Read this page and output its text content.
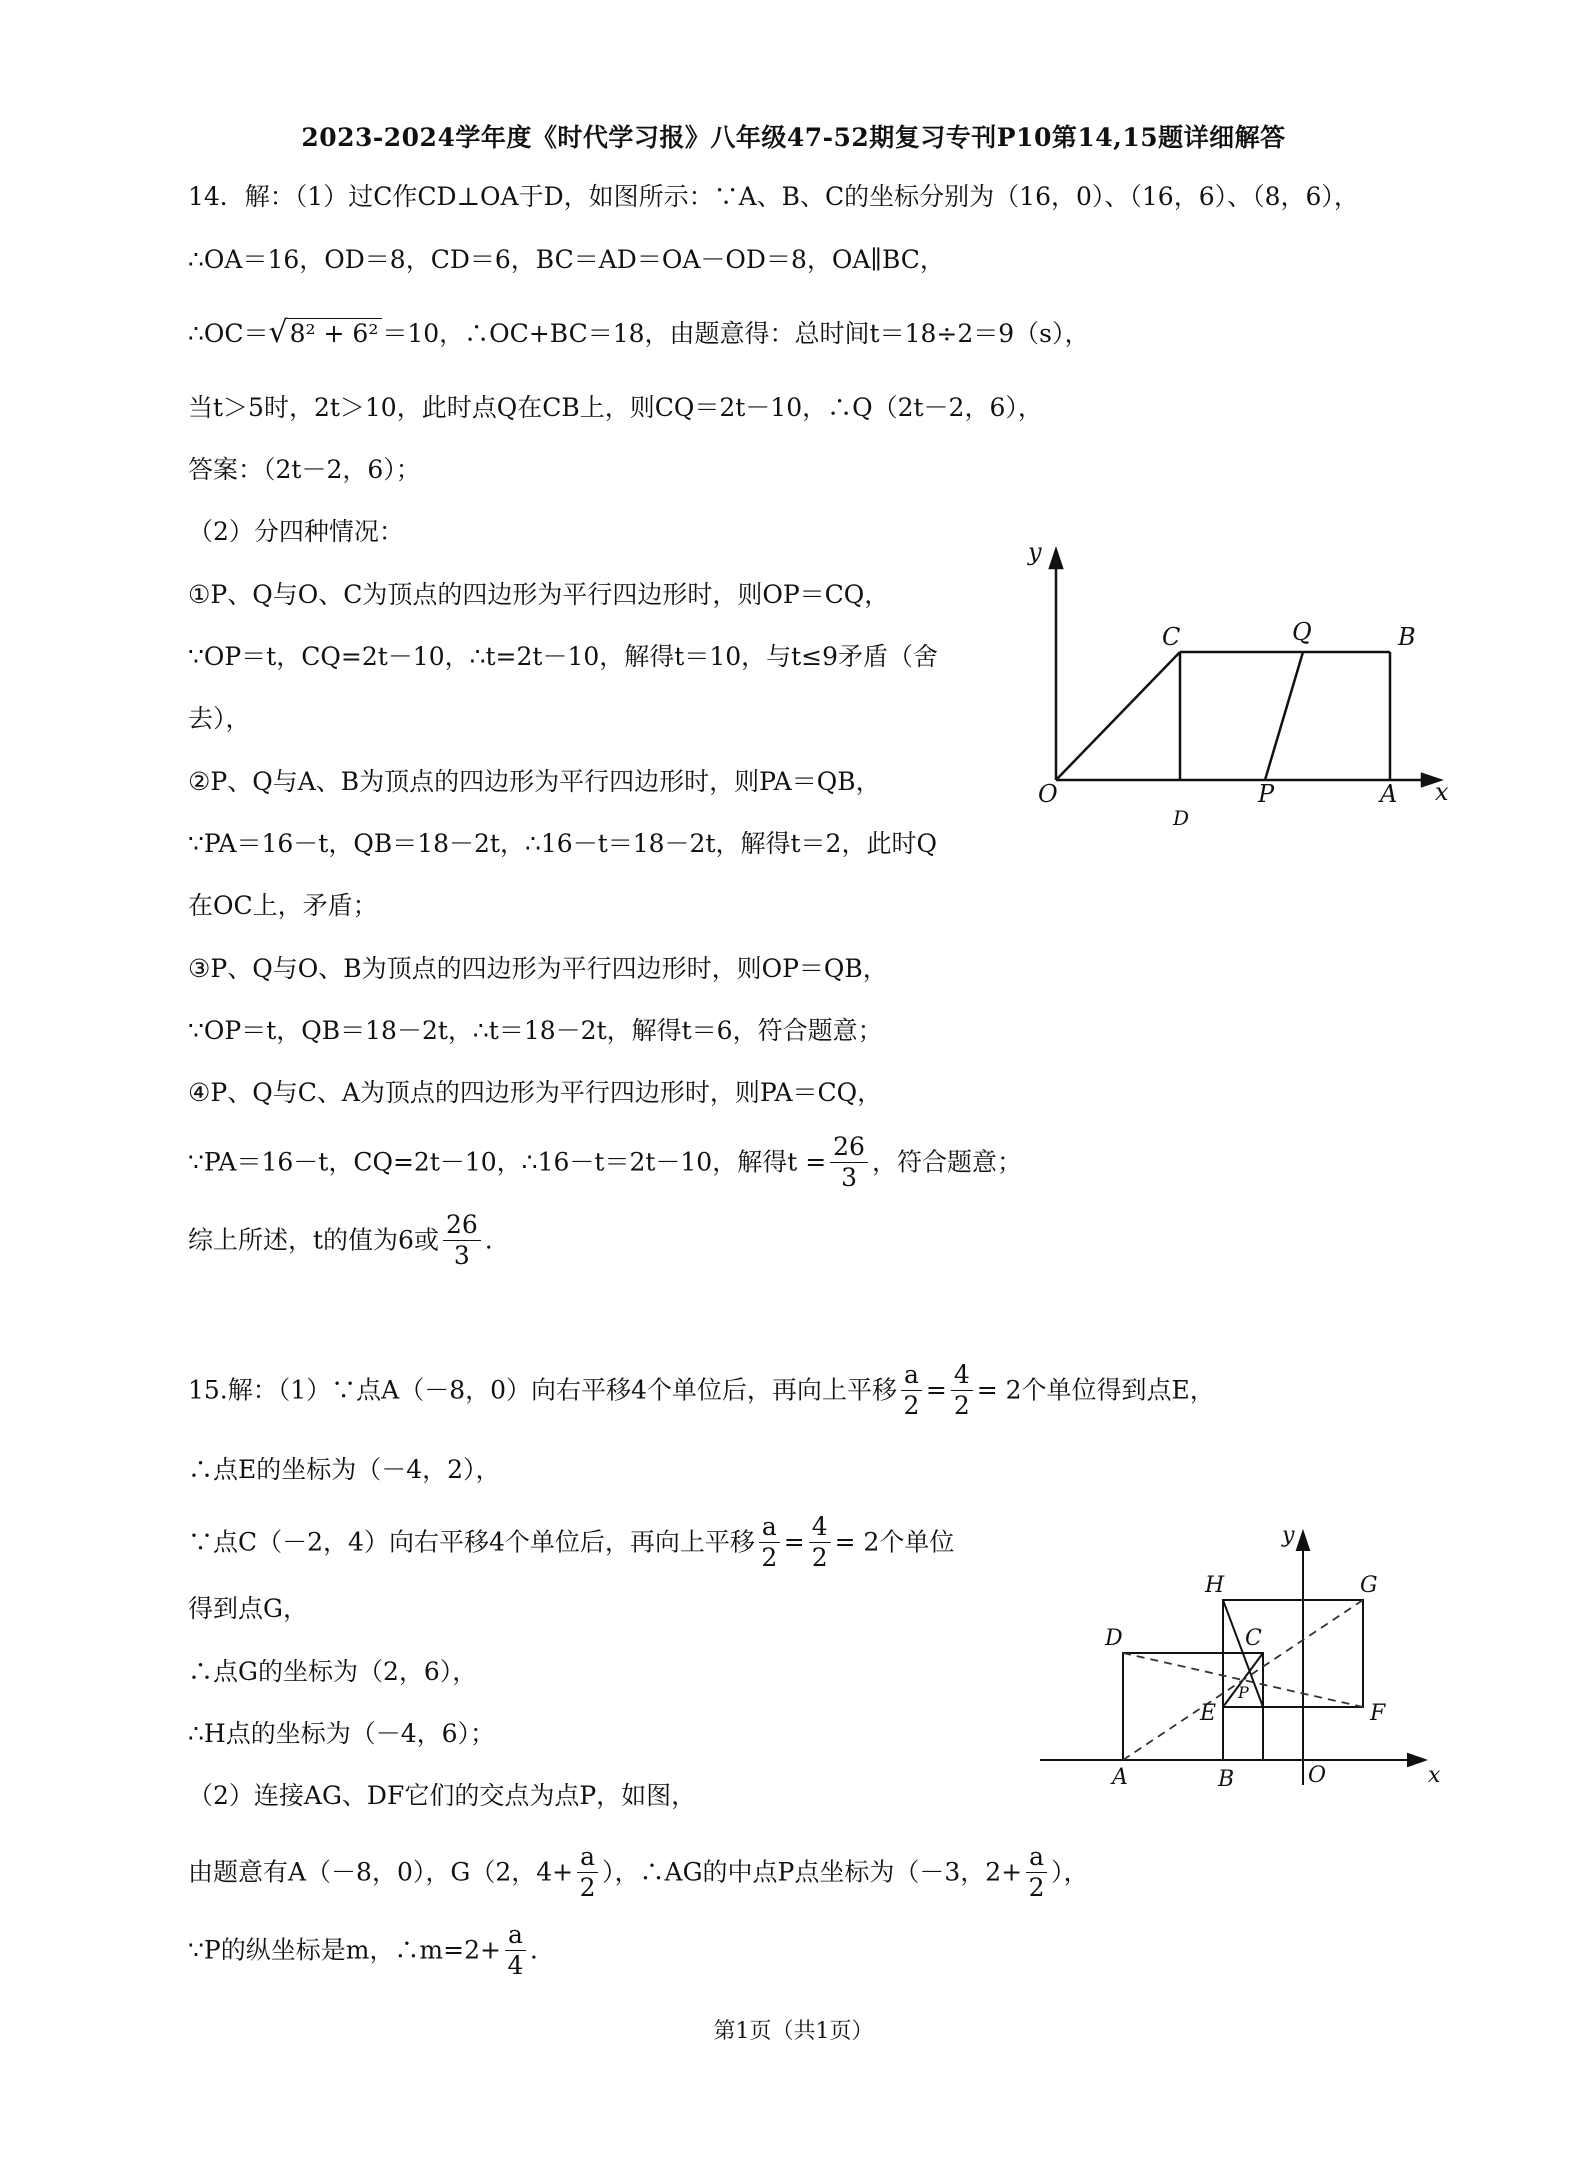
2023-2024学年度《时代学习报》八年级47-52期复习专刊P10第14,15题详细解答
14．解：（1）过C作CD⊥OA于D，如图所示：∵A、B、C的坐标分别为（16，0）、（16，6）、（8，6），
∴OA＝16，OD＝8，CD＝6，BC＝AD＝OA－OD＝8，OA∥BC，
∴OC＝√8² + 6² ＝10，∴OC+BC＝18，由题意得：总时间t＝18÷2＝9（s），
当t＞5时，2t＞10，此时点Q在CB上，则CQ＝2t－10，∴Q（2t－2，6），
答案：（2t－2，6）；
（2）分四种情况：
①P、Q与O、C为顶点的四边形为平行四边形时，则OP＝CQ，
∵OP＝t，CQ=2t－10，∴t=2t－10，解得t＝10，与t≤9矛盾（舍
去），
②P、Q与A、B为顶点的四边形为平行四边形时，则PA＝QB，
∵PA＝16－t，QB＝18－2t，∴16－t＝18－2t，解得t＝2，此时Q
在OC上，矛盾；
③P、Q与O、B为顶点的四边形为平行四边形时，则OP＝QB，
∵OP＝t，QB＝18－2t，∴t＝18－2t，解得t＝6，符合题意；
④P、Q与C、A为顶点的四边形为平行四边形时，则PA＝CQ，
∵PA＝16－t，CQ=2t－10，∴16－t＝2t－10，解得$t = \frac{26}{3}$ ，符合题意；
综上所述，t的值为6或 $\frac{26}{3}$ .
y
x
O
C	Q	B
P	A
D
15.解：（1）∵点A（－8，0）向右平移4个单位后，再向上平移 $\frac{a}{2} = \frac{4}{2} = 2$个单位得到点E，
∴点E的坐标为（－4，2），
∵点C（－2，4）向右平移4个单位后，再向上平移 $\frac{a}{2} = \frac{4}{2} = 2$个单位
得到点G，
∴点G的坐标为（2，6），
∴H点的坐标为（－4，6）；
（2）连接AG、DF它们的交点为点P，如图，
由题意有A（－8，0），G（2，$4+ \frac{a}{2}$ ），∴AG的中点P点坐标为（－3，$2+ \frac{a}{2}$ ），
∵P的纵坐标是m，∴m=2+ $\frac{a}{4}$ .
y
x
O
H	G
D	C
E
P
F
A	B
第1页（共1页）
